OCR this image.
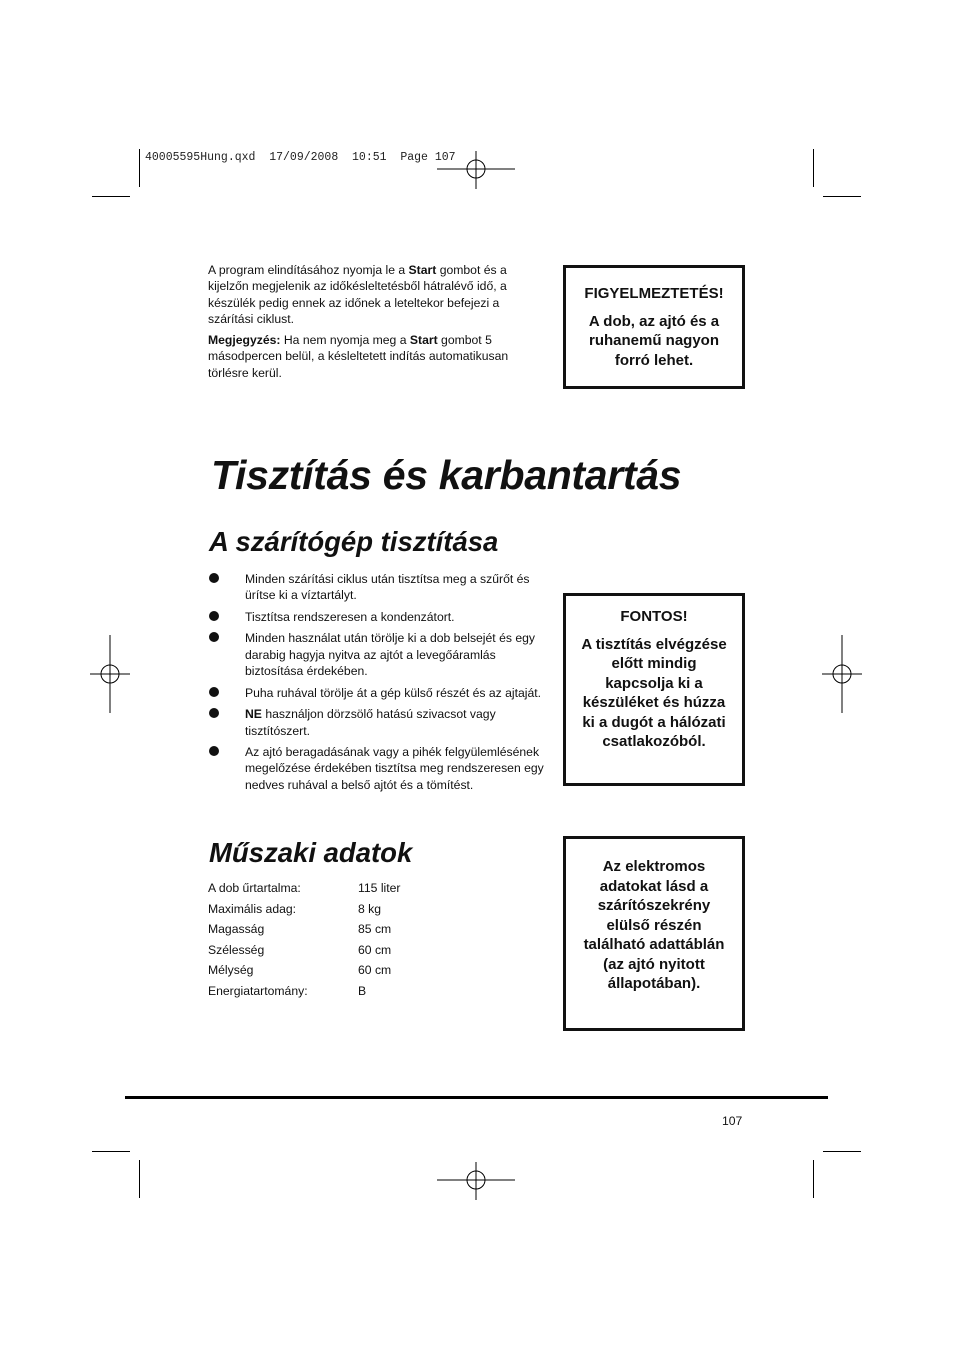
40005595Hung.qxd  17/09/2008  10:51  Page 107

A program elindításához nyomja le a Start gombot és a kijelzőn megjelenik az időkésleltetésből hátralévő idő, a készülék pedig ennek az időnek a leteltekor befejezi a szárítási ciklust.

Megjegyzés: Ha nem nyomja meg a Start gombot 5 másodpercen belül, a késleltetett indítás automatikusan törlésre kerül.

FIGYELMEZTETÉS!
A dob, az ajtó és a ruhanemű nagyon forró lehet.
Tisztítás és karbantartás
A szárítógép tisztítása
Minden szárítási ciklus után tisztítsa meg a szűrőt és ürítse ki a víztartályt.
Tisztítsa rendszeresen a kondenzátort.
Minden használat után törölje ki a dob belsejét és egy darabig hagyja nyitva az ajtót a levegőáramlás biztosítása érdekében.
Puha ruhával törölje át a gép külső részét és az ajtaját.
NE használjon dörzsölő hatású szivacsot vagy tisztítószert.
Az ajtó beragadásának vagy a pihék felgyülemlésének megelőzése érdekében tisztítsa meg rendszeresen egy nedves ruhával a belső ajtót és a tömítést.
FONTOS!
A tisztítás elvégzése előtt mindig kapcsolja ki a készüléket és húzza ki a dugót a hálózati csatlakozóból.
Műszaki adatok
A dob űrtartalma:	115 liter
Maximális adag:	8 kg
Magasság	85 cm
Szélesség	60 cm
Mélység	60 cm
Energiatartomány:	B
Az elektromos adatokat lásd a szárítószekrény elülső részén található adattáblán (az ajtó nyitott állapotában).
107
